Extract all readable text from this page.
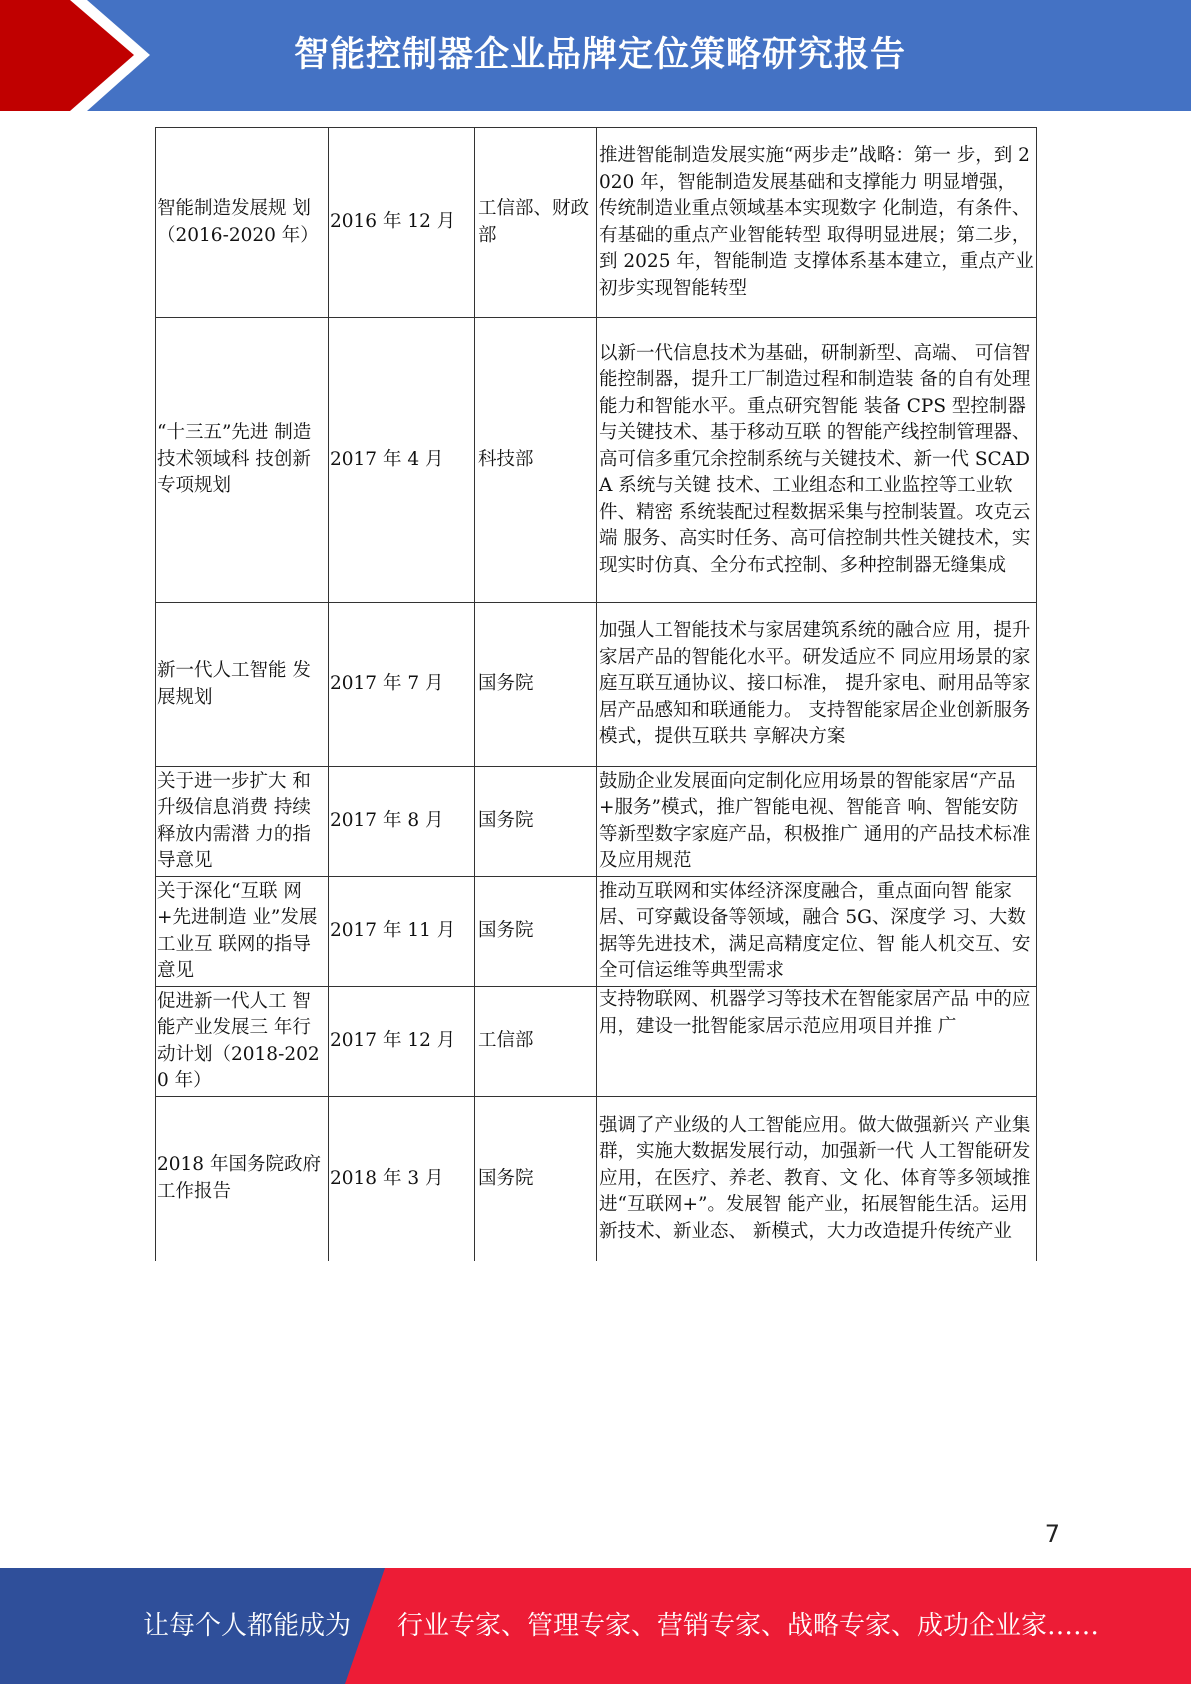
智能控制器企业品牌定位策略研究报告
智能制造发展规 划（2016-2020 年）	2016 年 12 月	工信部、财政部	推进智能制造发展实施“两步走”战略：第一 步，到 2020 年，智能制造发展基础和支撑能力 明显增强，传统制造业重点领域基本实现数字 化制造，有条件、有基础的重点产业智能转型 取得明显进展；第二步，到 2025 年，智能制造 支撑体系基本建立，重点产业初步实现智能转型
“十三五”先进 制造技术领域科 技创新专项规划	2017 年 4 月	科技部	以新一代信息技术为基础，研制新型、高端、 可信智能控制器，提升工厂制造过程和制造装 备的自有处理能力和智能水平。重点研究智能 装备 CPS 型控制器与关键技术、基于移动互联 的智能产线控制管理器、高可信多重冗余控制系统与关键技术、新一代 SCADA 系统与关键 技术、工业组态和工业监控等工业软件、精密 系统装配过程数据采集与控制装置。攻克云端 服务、高实时任务、高可信控制共性关键技术，实现实时仿真、全分布式控制、多种控制器无缝集成
新一代人工智能 发展规划	2017 年 7 月	国务院	加强人工智能技术与家居建筑系统的融合应 用，提升家居产品的智能化水平。研发适应不 同应用场景的家庭互联互通协议、接口标准， 提升家电、耐用品等家居产品感知和联通能力。 支持智能家居企业创新服务模式，提供互联共 享解决方案
关于进一步扩大 和升级信息消费 持续释放内需潜 力的指导意见	2017 年 8 月	国务院	鼓励企业发展面向定制化应用场景的智能家居“产品+服务”模式，推广智能电视、智能音 响、智能安防等新型数字家庭产品，积极推广 通用的产品技术标准及应用规范
关于深化“互联 网+先进制造 业”发展工业互 联网的指导意见	2017 年 11 月	国务院	推动互联网和实体经济深度融合，重点面向智 能家居、可穿戴设备等领域，融合 5G、深度学 习、大数据等先进技术，满足高精度定位、智 能人机交互、安全可信运维等典型需求
促进新一代人工 智能产业发展三 年行动计划（2018-2020 年）	2017 年 12 月	工信部	支持物联网、机器学习等技术在智能家居产品 中的应用，建设一批智能家居示范应用项目并推 广
2018 年国务院政府工作报告	2018 年 3 月	国务院	强调了产业级的人工智能应用。做大做强新兴 产业集群，实施大数据发展行动，加强新一代 人工智能研发应用，在医疗、养老、教育、文 化、体育等多领域推进“互联网+”。发展智 能产业，拓展智能生活。运用新技术、新业态、 新模式，大力改造提升传统产业
7
让每个人都能成为 行业专家、管理专家、营销专家、战略专家、成功企业家……
